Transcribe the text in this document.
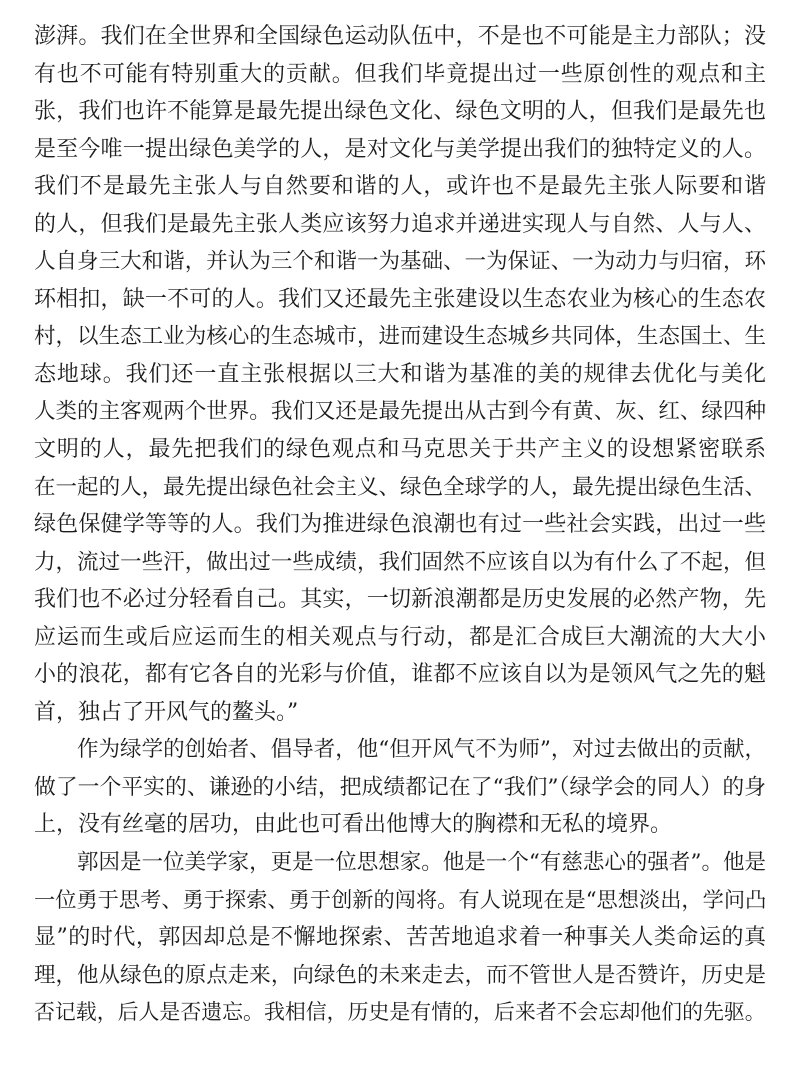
澎湃。我们在全世界和全国绿色运动队伍中，不是也不可能是主力部队；没
有也不可能有特别重大的贡献。但我们毕竟提出过一些原创性的观点和主
张，我们也许不能算是最先提出绿色文化、绿色文明的人，但我们是最先也
是至今唯一提出绿色美学的人，是对文化与美学提出我们的独特定义的人。
我们不是最先主张人与自然要和谐的人，或许也不是最先主张人际要和谐
的人，但我们是最先主张人类应该努力追求并递进实现人与自然、人与人、
人自身三大和谐，并认为三个和谐一为基础、一为保证、一为动力与归宿，环
环相扣，缺一不可的人。我们又还最先主张建设以生态农业为核心的生态农
村，以生态工业为核心的生态城市，进而建设生态城乡共同体，生态国土、生
态地球。我们还一直主张根据以三大和谐为基准的美的规律去优化与美化
人类的主客观两个世界。我们又还是最先提出从古到今有黄、灰、红、绿四种
文明的人，最先把我们的绿色观点和马克思关于共产主义的设想紧密联系
在一起的人，最先提出绿色社会主义、绿色全球学的人，最先提出绿色生活、
绿色保健学等等的人。我们为推进绿色浪潮也有过一些社会实践，出过一些
力，流过一些汗，做出过一些成绩，我们固然不应该自以为有什么了不起，但
我们也不必过分轻看自己。其实，一切新浪潮都是历史发展的必然产物，先
应运而生或后应运而生的相关观点与行动，都是汇合成巨大潮流的大大小
小的浪花，都有它各自的光彩与价值，谁都不应该自以为是领风气之先的魁
首，独占了开风气的鳌头。”
　　作为绿学的创始者、倡导者，他“但开风气不为师”，对过去做出的贡献，
做了一个平实的、谦逊的小结，把成绩都记在了“我们”（绿学会的同人）的身
上，没有丝毫的居功，由此也可看出他博大的胸襟和无私的境界。
　　郭因是一位美学家，更是一位思想家。他是一个“有慈悲心的强者”。他是
一位勇于思考、勇于探索、勇于创新的闯将。有人说现在是“思想淡出，学问凸
显”的时代，郭因却总是不懈地探索、苦苦地追求着一种事关人类命运的真
理，他从绿色的原点走来，向绿色的未来走去，而不管世人是否赞许，历史是
否记载，后人是否遗忘。我相信，历史是有情的，后来者不会忘却他们的先驱。
